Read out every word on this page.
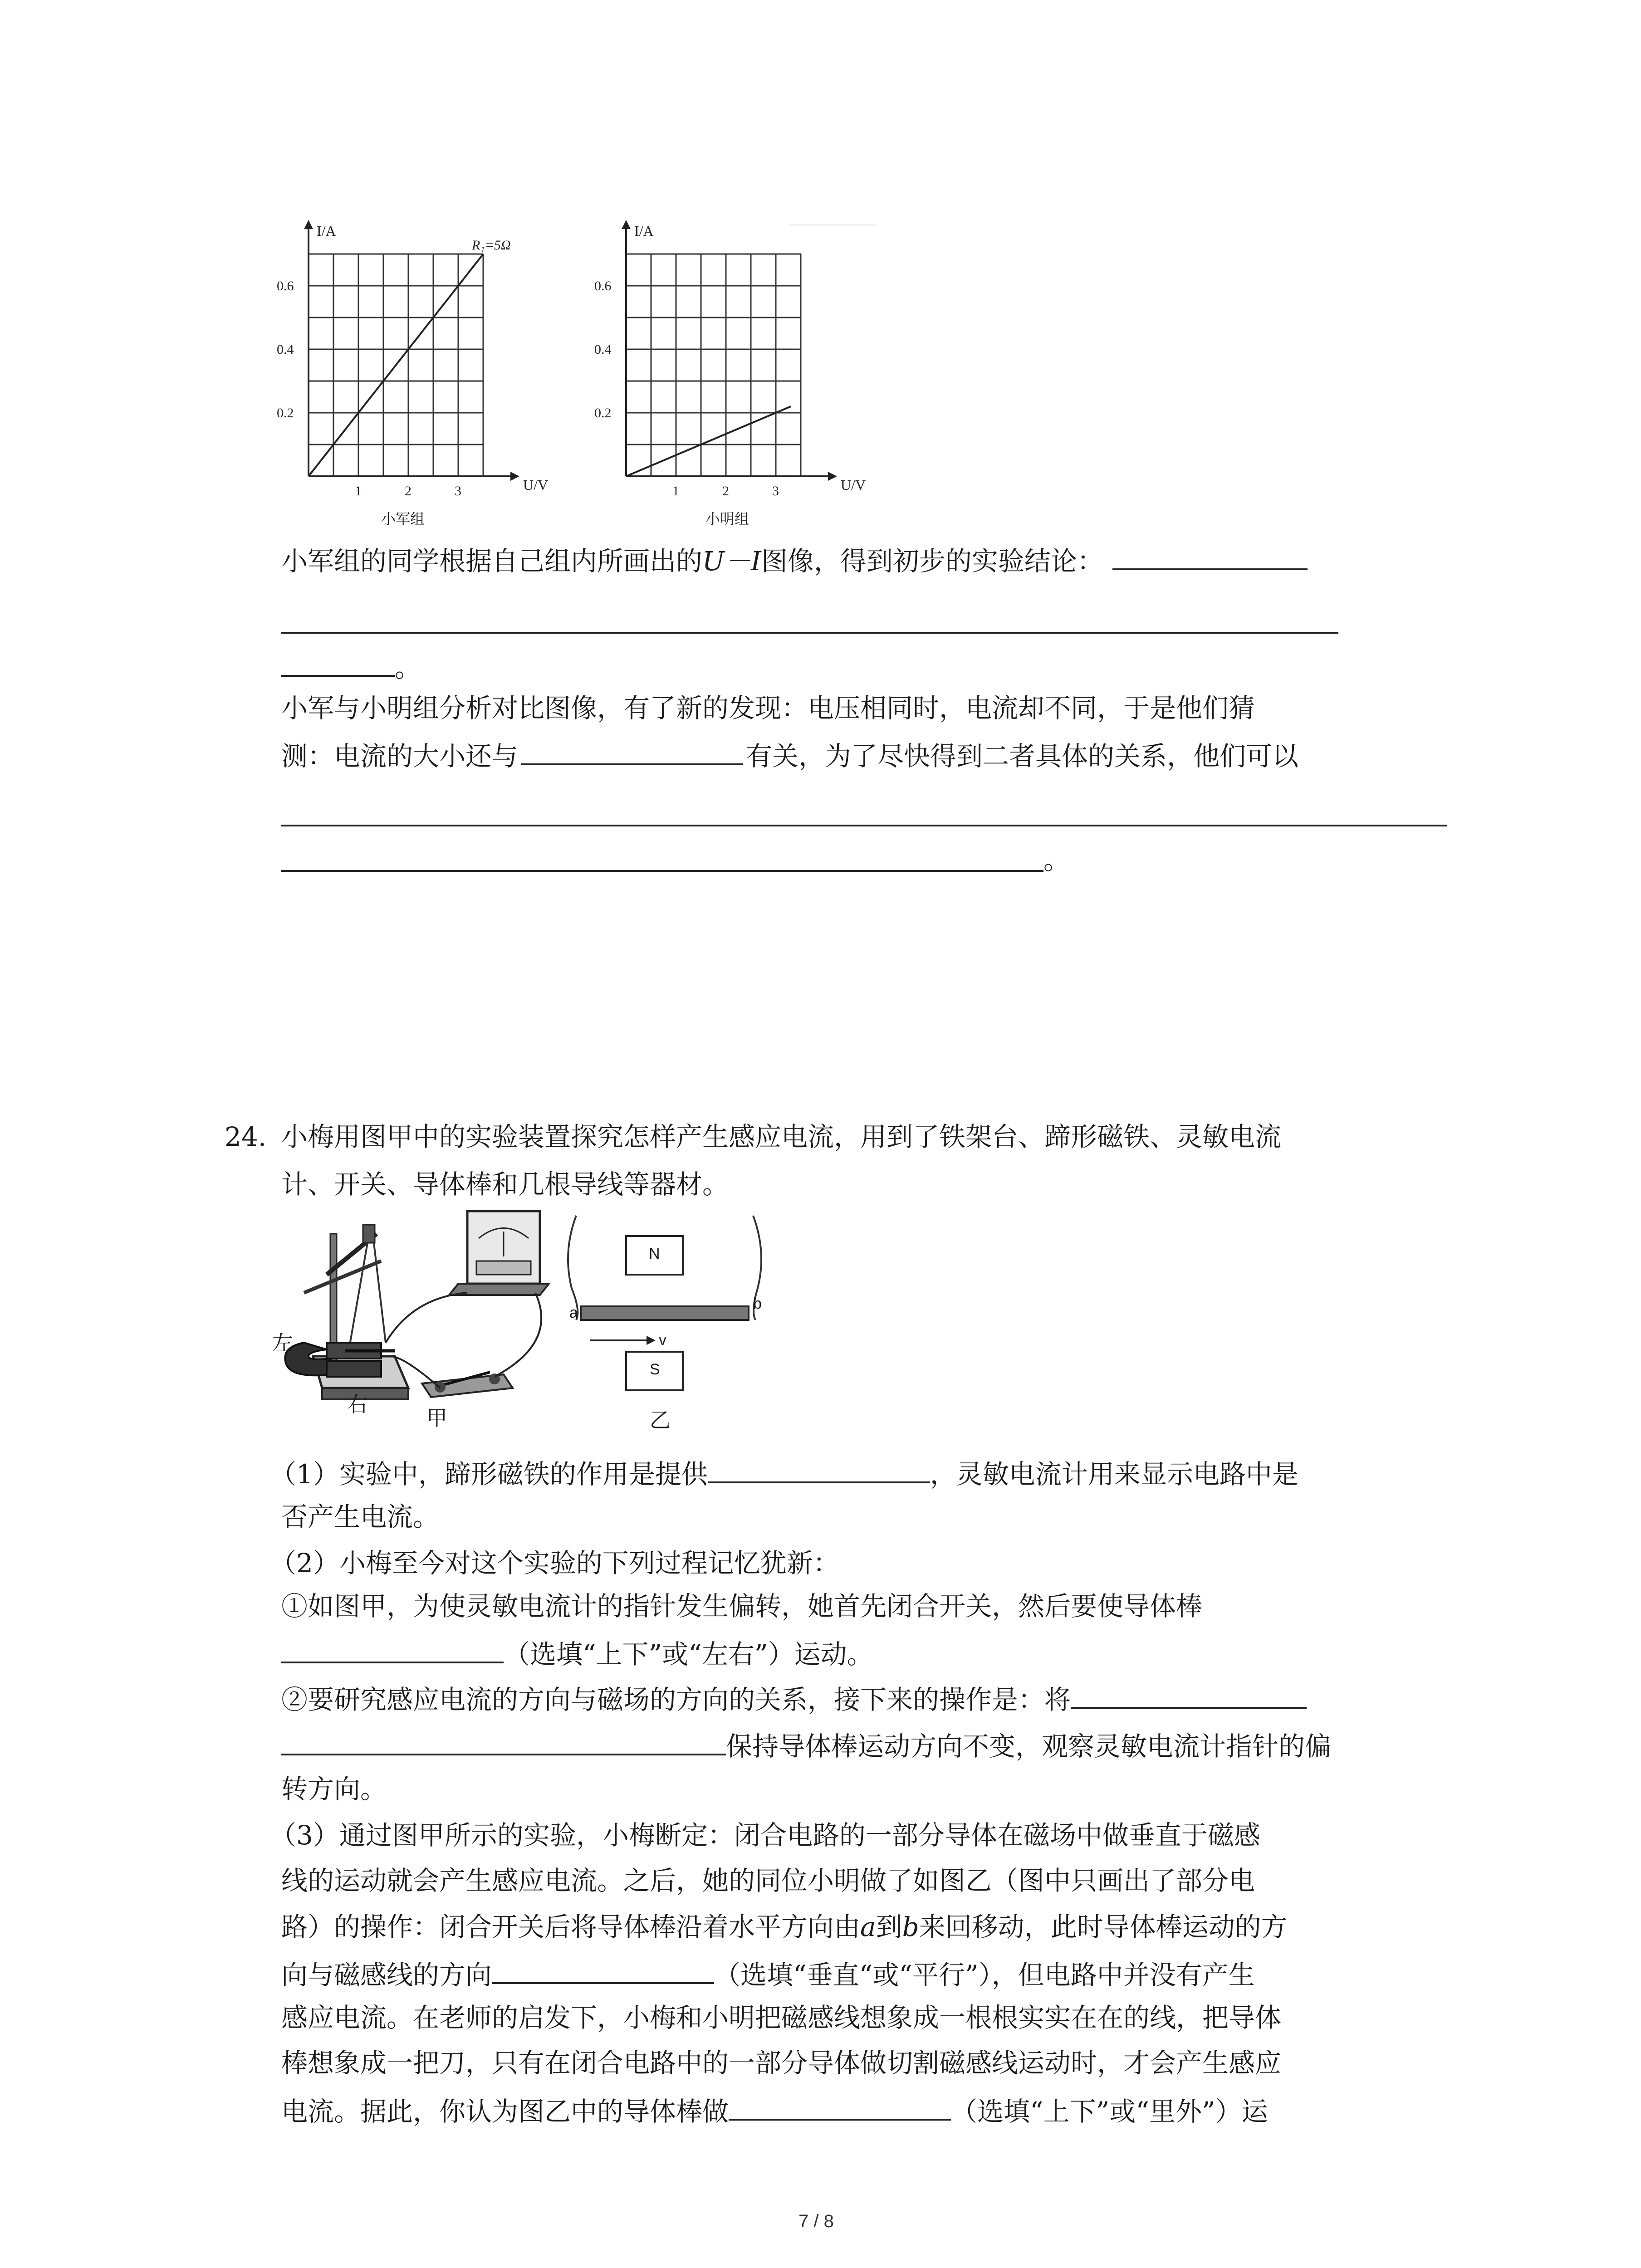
I/A
U/V
1	2	3
0.2
0.4
0.6
R₁=5Ω
小军组
I/A
U/V
1	2	3
0.2
0.4
0.6
小明组
小军组的同学根据自己组内所画出的U－I图像，得到初步的实验结论：
。
小军与小明组分析对比图像，有了新的发现：电压相同时，电流却不同，于是他们猜
测：电流的大小还与	有关，为了尽快得到二者具体的关系，他们可以
。
24. 小梅用图甲中的实验装置探究怎样产生感应电流，用到了铁架台、蹄形磁铁、灵敏电流
计、开关、导体棒和几根导线等器材。
左
右
甲
N
S
a
b
v
乙
（1）实验中，蹄形磁铁的作用是提供	，灵敏电流计用来显示电路中是
否产生电流。
（2）小梅至今对这个实验的下列过程记忆犹新：
①如图甲，为使灵敏电流计的指针发生偏转，她首先闭合开关，然后要使导体棒
（选填“上下”或“左右”）运动。
②要研究感应电流的方向与磁场的方向的关系，接下来的操作是：将
保持导体棒运动方向不变，观察灵敏电流计指针的偏
转方向。
（3）通过图甲所示的实验，小梅断定：闭合电路的一部分导体在磁场中做垂直于磁感
线的运动就会产生感应电流。之后，她的同位小明做了如图乙（图中只画出了部分电
路）的操作：闭合开关后将导体棒沿着水平方向由a到b来回移动，此时导体棒运动的方
向与磁感线的方向	（选填“垂直“或“平行”），但电路中并没有产生
感应电流。在老师的启发下，小梅和小明把磁感线想象成一根根实实在在的线，把导体
棒想象成一把刀，只有在闭合电路中的一部分导体做切割磁感线运动时，才会产生感应
电流。据此，你认为图乙中的导体棒做	（选填“上下”或“里外”）运
7 / 8
